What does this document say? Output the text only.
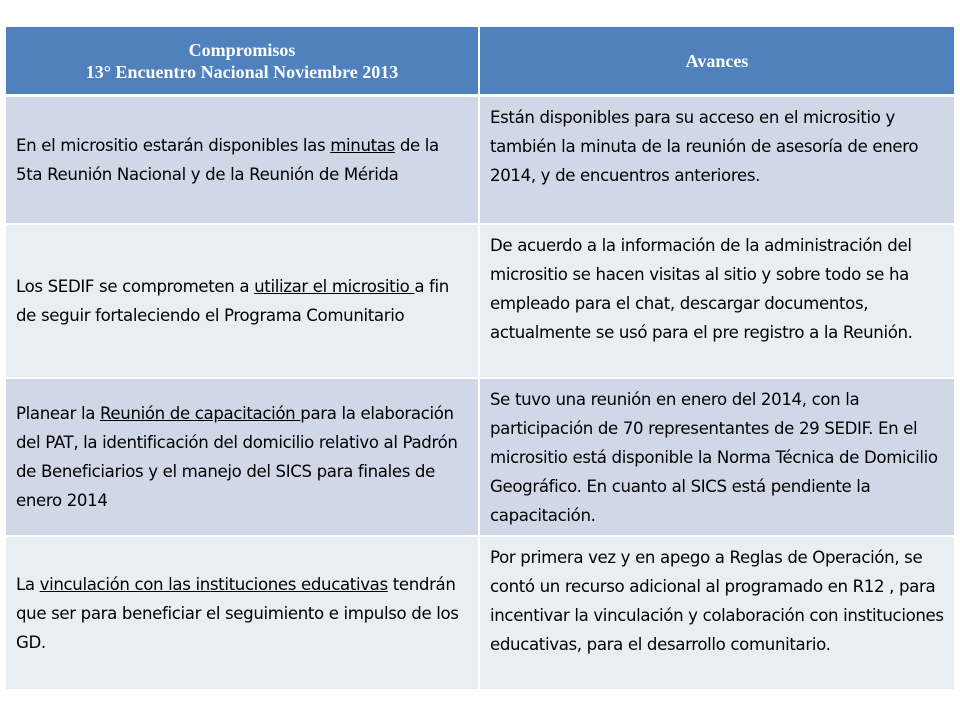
Compromisos
13° Encuentro Nacional Noviembre 2013	Avances
En el micrositio estarán disponibles las minutas de la 5ta Reunión Nacional y de la Reunión de Mérida	Están disponibles para su acceso en el micrositio y también la minuta de la reunión de asesoría de enero 2014, y de encuentros anteriores.
Los SEDIF se comprometen a utilizar el micrositio a fin de seguir fortaleciendo el Programa Comunitario	De acuerdo a la información de la administración del micrositio se hacen visitas al sitio y sobre todo se ha empleado para el chat, descargar documentos, actualmente se usó para el pre registro a la Reunión.
Planear la Reunión de capacitación para la elaboración del PAT, la identificación del domicilio relativo al Padrón de Beneficiarios y el manejo del SICS para finales de enero 2014	Se tuvo una reunión en enero del 2014, con la participación de 70 representantes de 29 SEDIF. En el micrositio está disponible la Norma Técnica de Domicilio Geográfico. En cuanto al SICS está pendiente la capacitación.
La vinculación con las instituciones educativas tendrán que ser para beneficiar el seguimiento e impulso de los GD.	Por primera vez y en apego a Reglas de Operación, se contó un recurso adicional al programado en R12 , para incentivar la vinculación y colaboración con instituciones educativas, para el desarrollo comunitario.
